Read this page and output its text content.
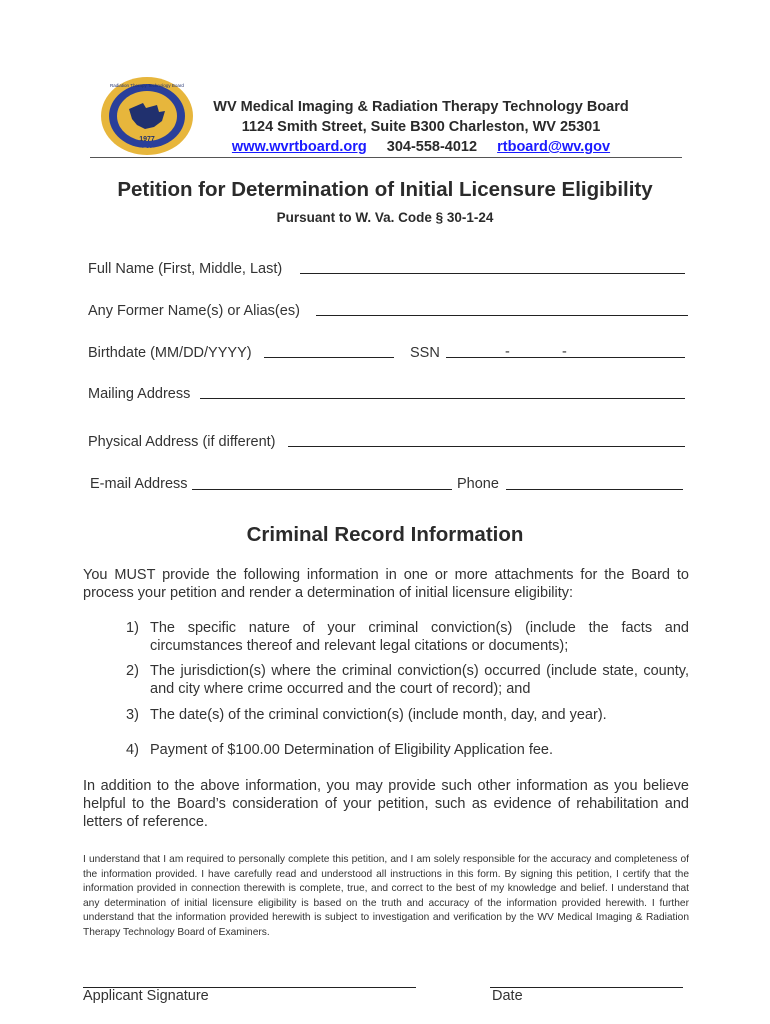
1977
SEAL
Radiation Therapy Technology Board
WV Medical Imaging & Radiation Therapy Technology Board
1124 Smith Street, Suite B300 Charleston, WV 25301
www.wvrtboard.org 304-558-4012 rtboard@wv.gov
Petition for Determination of Initial Licensure Eligibility
Pursuant to W. Va. Code § 30-1-24
Full Name (First, Middle, Last)
Any Former Name(s) or Alias(es)
Birthdate (MM/DD/YYYY)	SSN	-	-
Mailing Address
Physical Address (if different)
E-mail Address	Phone
Criminal Record Information
You MUST provide the following information in one or more attachments for the Board to process your petition and render a determination of initial licensure eligibility:
1) The specific nature of your criminal conviction(s) (include the facts and circumstances thereof and relevant legal citations or documents);
2) The jurisdiction(s) where the criminal conviction(s) occurred (include state, county, and city where crime occurred and the court of record); and
3) The date(s) of the criminal conviction(s) (include month, day, and year).
4) Payment of $100.00 Determination of Eligibility Application fee.
In addition to the above information, you may provide such other information as you believe helpful to the Board’s consideration of your petition, such as evidence of rehabilitation and letters of reference.
I understand that I am required to personally complete this petition, and I am solely responsible for the accuracy and completeness of the information provided. I have carefully read and understood all instructions in this form. By signing this petition, I certify that the information provided in connection therewith is complete, true, and correct to the best of my knowledge and belief. I understand that any determination of initial licensure eligibility is based on the truth and accuracy of the information provided herewith. I further understand that the information provided herewith is subject to investigation and verification by the WV Medical Imaging & Radiation Therapy Technology Board of Examiners.
Applicant Signature	Date
